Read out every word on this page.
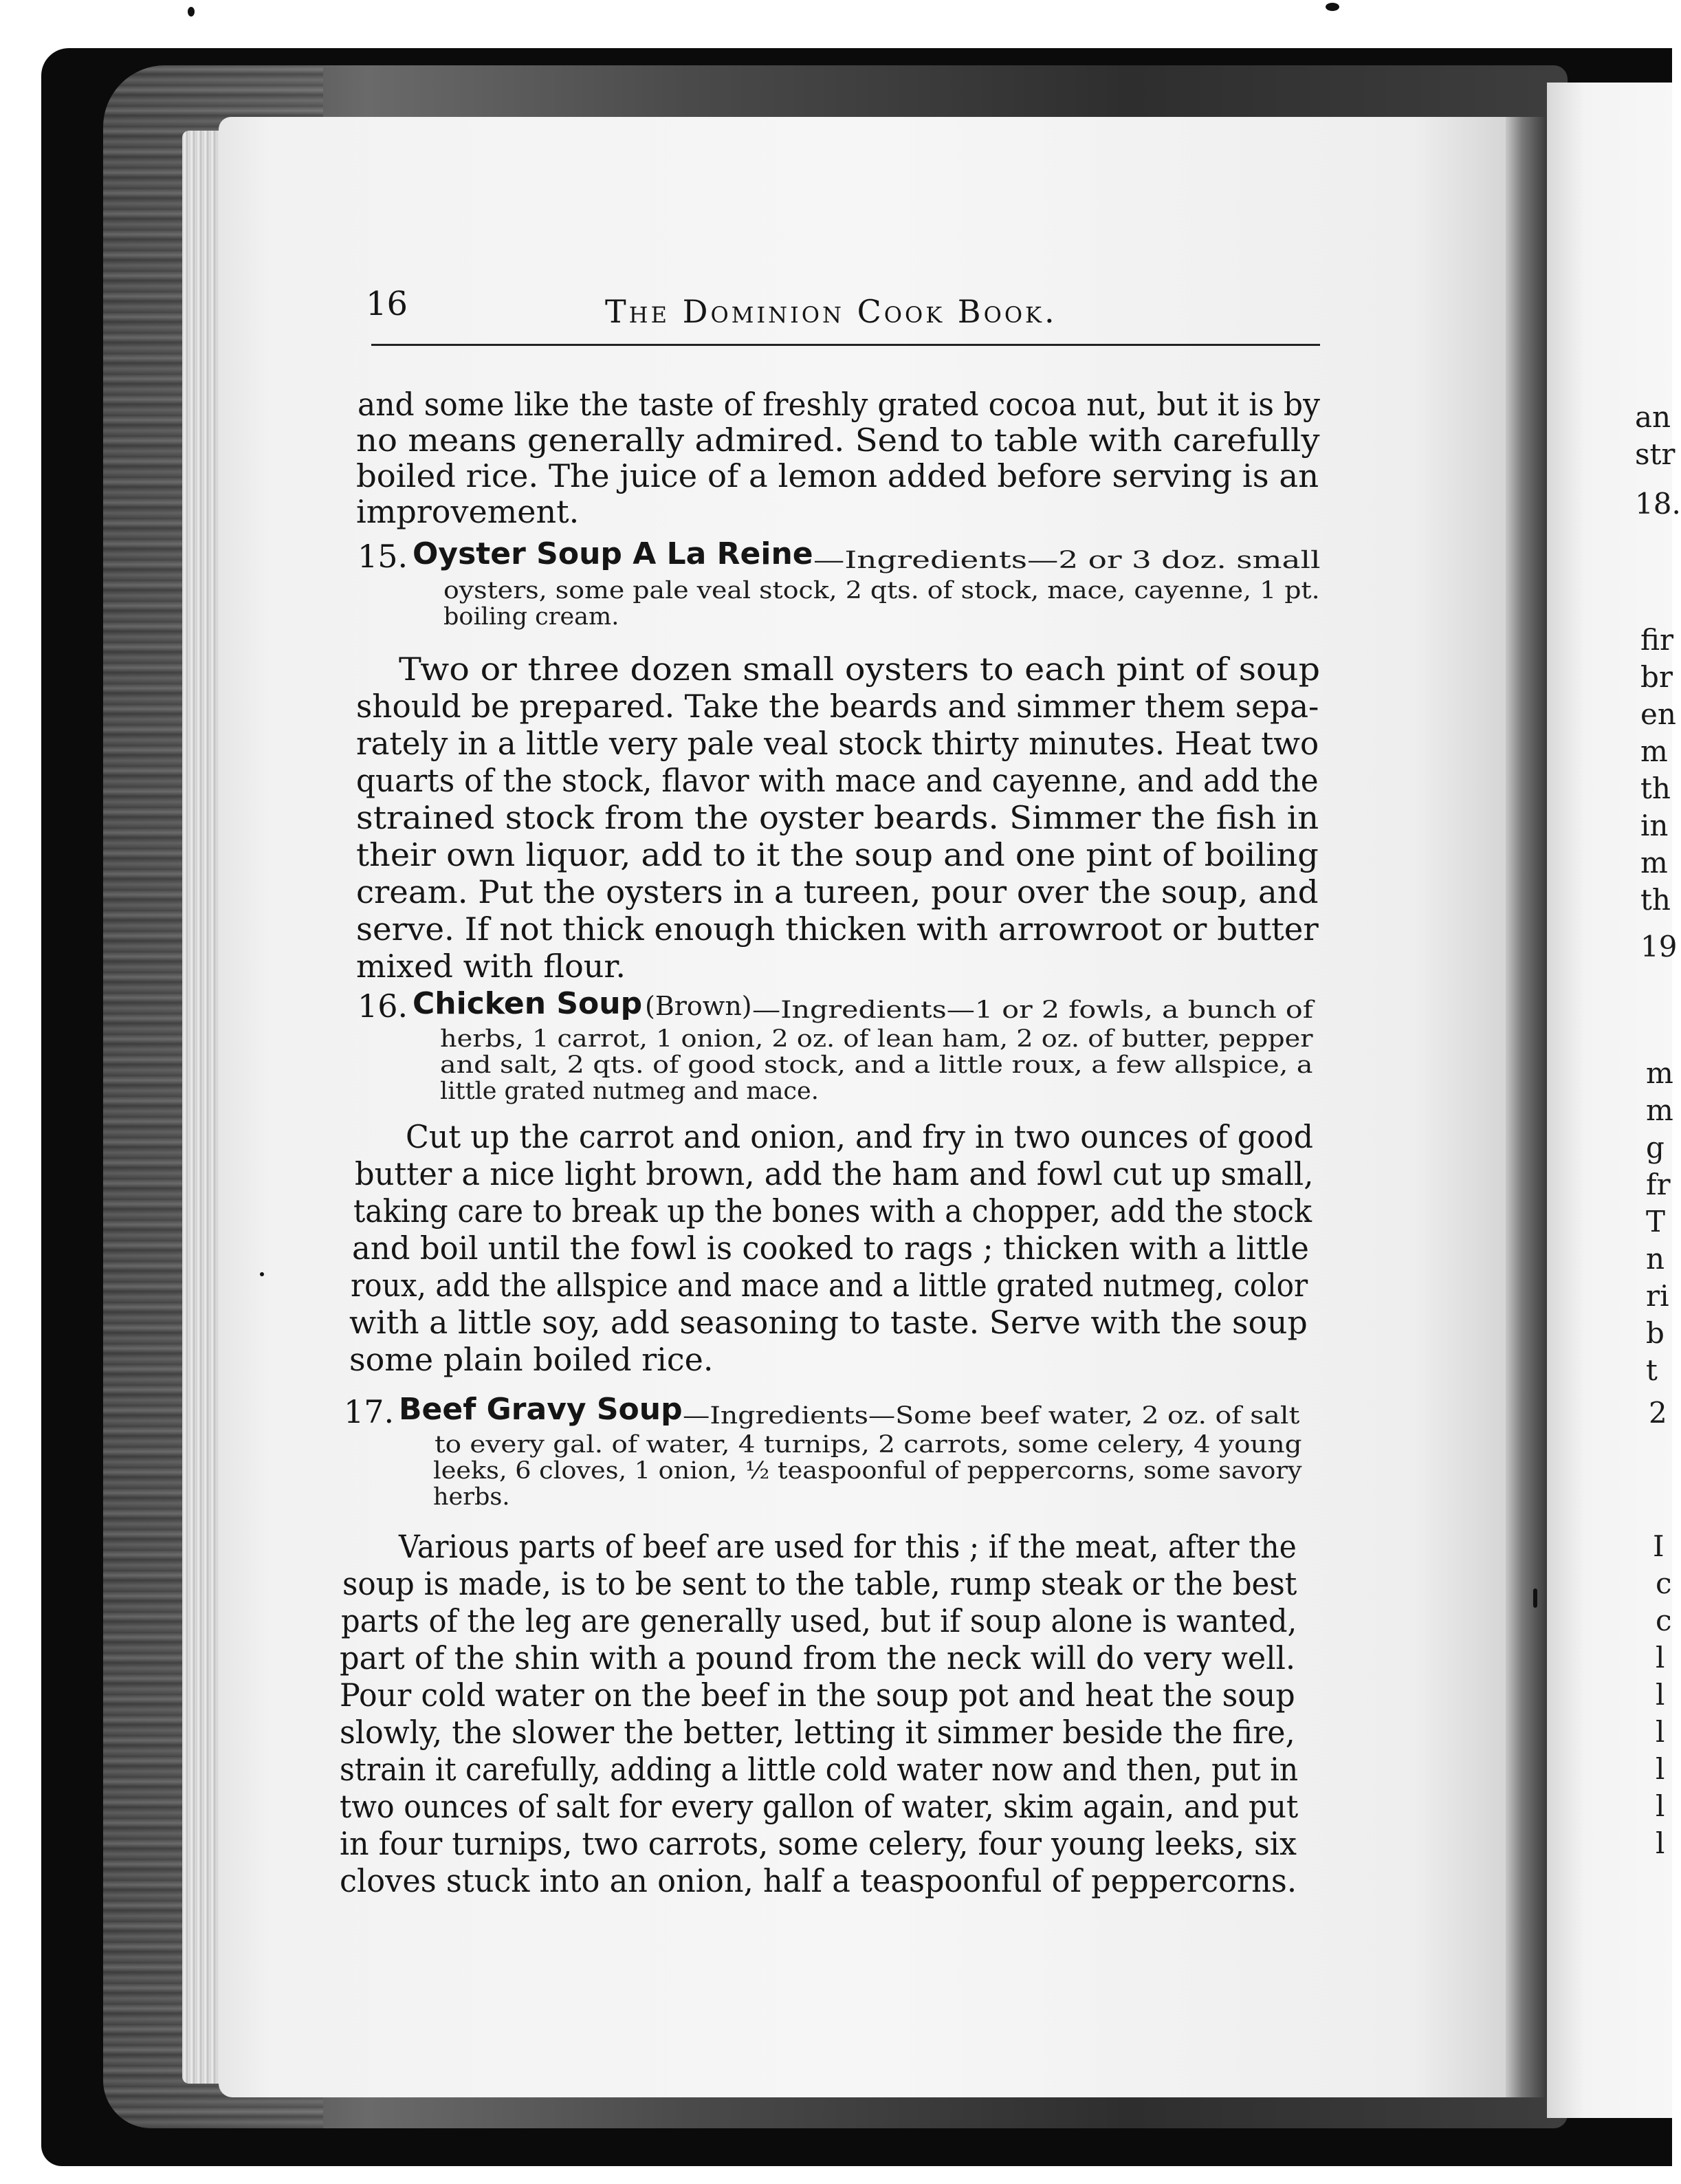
16	The Dominion Cook Book.
and some like the taste of freshly grated cocoa nut, but it is by
no means generally admired. Send to table with carefully
boiled rice. The juice of a lemon added before serving is an
improvement.
15. Oyster Soup A La Reine —Ingredients—2 or 3 doz. small
oysters, some pale veal stock, 2 qts. of stock, mace, cayenne, 1 pt.
boiling cream.
Two or three dozen small oysters to each pint of soup
should be prepared. Take the beards and simmer them sepa-
rately in a little very pale veal stock thirty minutes. Heat two
quarts of the stock, flavor with mace and cayenne, and add the
strained stock from the oyster beards. Simmer the fish in
their own liquor, add to it the soup and one pint of boiling
cream. Put the oysters in a tureen, pour over the soup, and
serve. If not thick enough thicken with arrowroot or butter
mixed with flour.
16. Chicken Soup (Brown) —Ingredients—1 or 2 fowls, a bunch of
herbs, 1 carrot, 1 onion, 2 oz. of lean ham, 2 oz. of butter, pepper
and salt, 2 qts. of good stock, and a little roux, a few allspice, a
little grated nutmeg and mace.
Cut up the carrot and onion, and fry in two ounces of good
butter a nice light brown, add the ham and fowl cut up small,
taking care to break up the bones with a chopper, add the stock
and boil until the fowl is cooked to rags ; thicken with a little
roux, add the allspice and mace and a little grated nutmeg, color
with a little soy, add seasoning to taste. Serve with the soup
some plain boiled rice.
17. Beef Gravy Soup —Ingredients—Some beef water, 2 oz. of salt
to every gal. of water, 4 turnips, 2 carrots, some celery, 4 young
leeks, 6 cloves, 1 onion, ½ teaspoonful of peppercorns, some savory
herbs.
Various parts of beef are used for this ; if the meat, after the
soup is made, is to be sent to the table, rump steak or the best
parts of the leg are generally used, but if soup alone is wanted,
part of the shin with a pound from the neck will do very well.
Pour cold water on the beef in the soup pot and heat the soup
slowly, the slower the better, letting it simmer beside the fire,
strain it carefully, adding a little cold water now and then, put in
two ounces of salt for every gallon of water, skim again, and put
in four turnips, two carrots, some celery, four young leeks, six
cloves stuck into an onion, half a teaspoonful of peppercorns.
an
str
18.
fir
br
en
m
th
in
m
th
19
m
m
g
fr
T
n
ri
b
t
2
I
c
c
l
l
l
l
l
l
